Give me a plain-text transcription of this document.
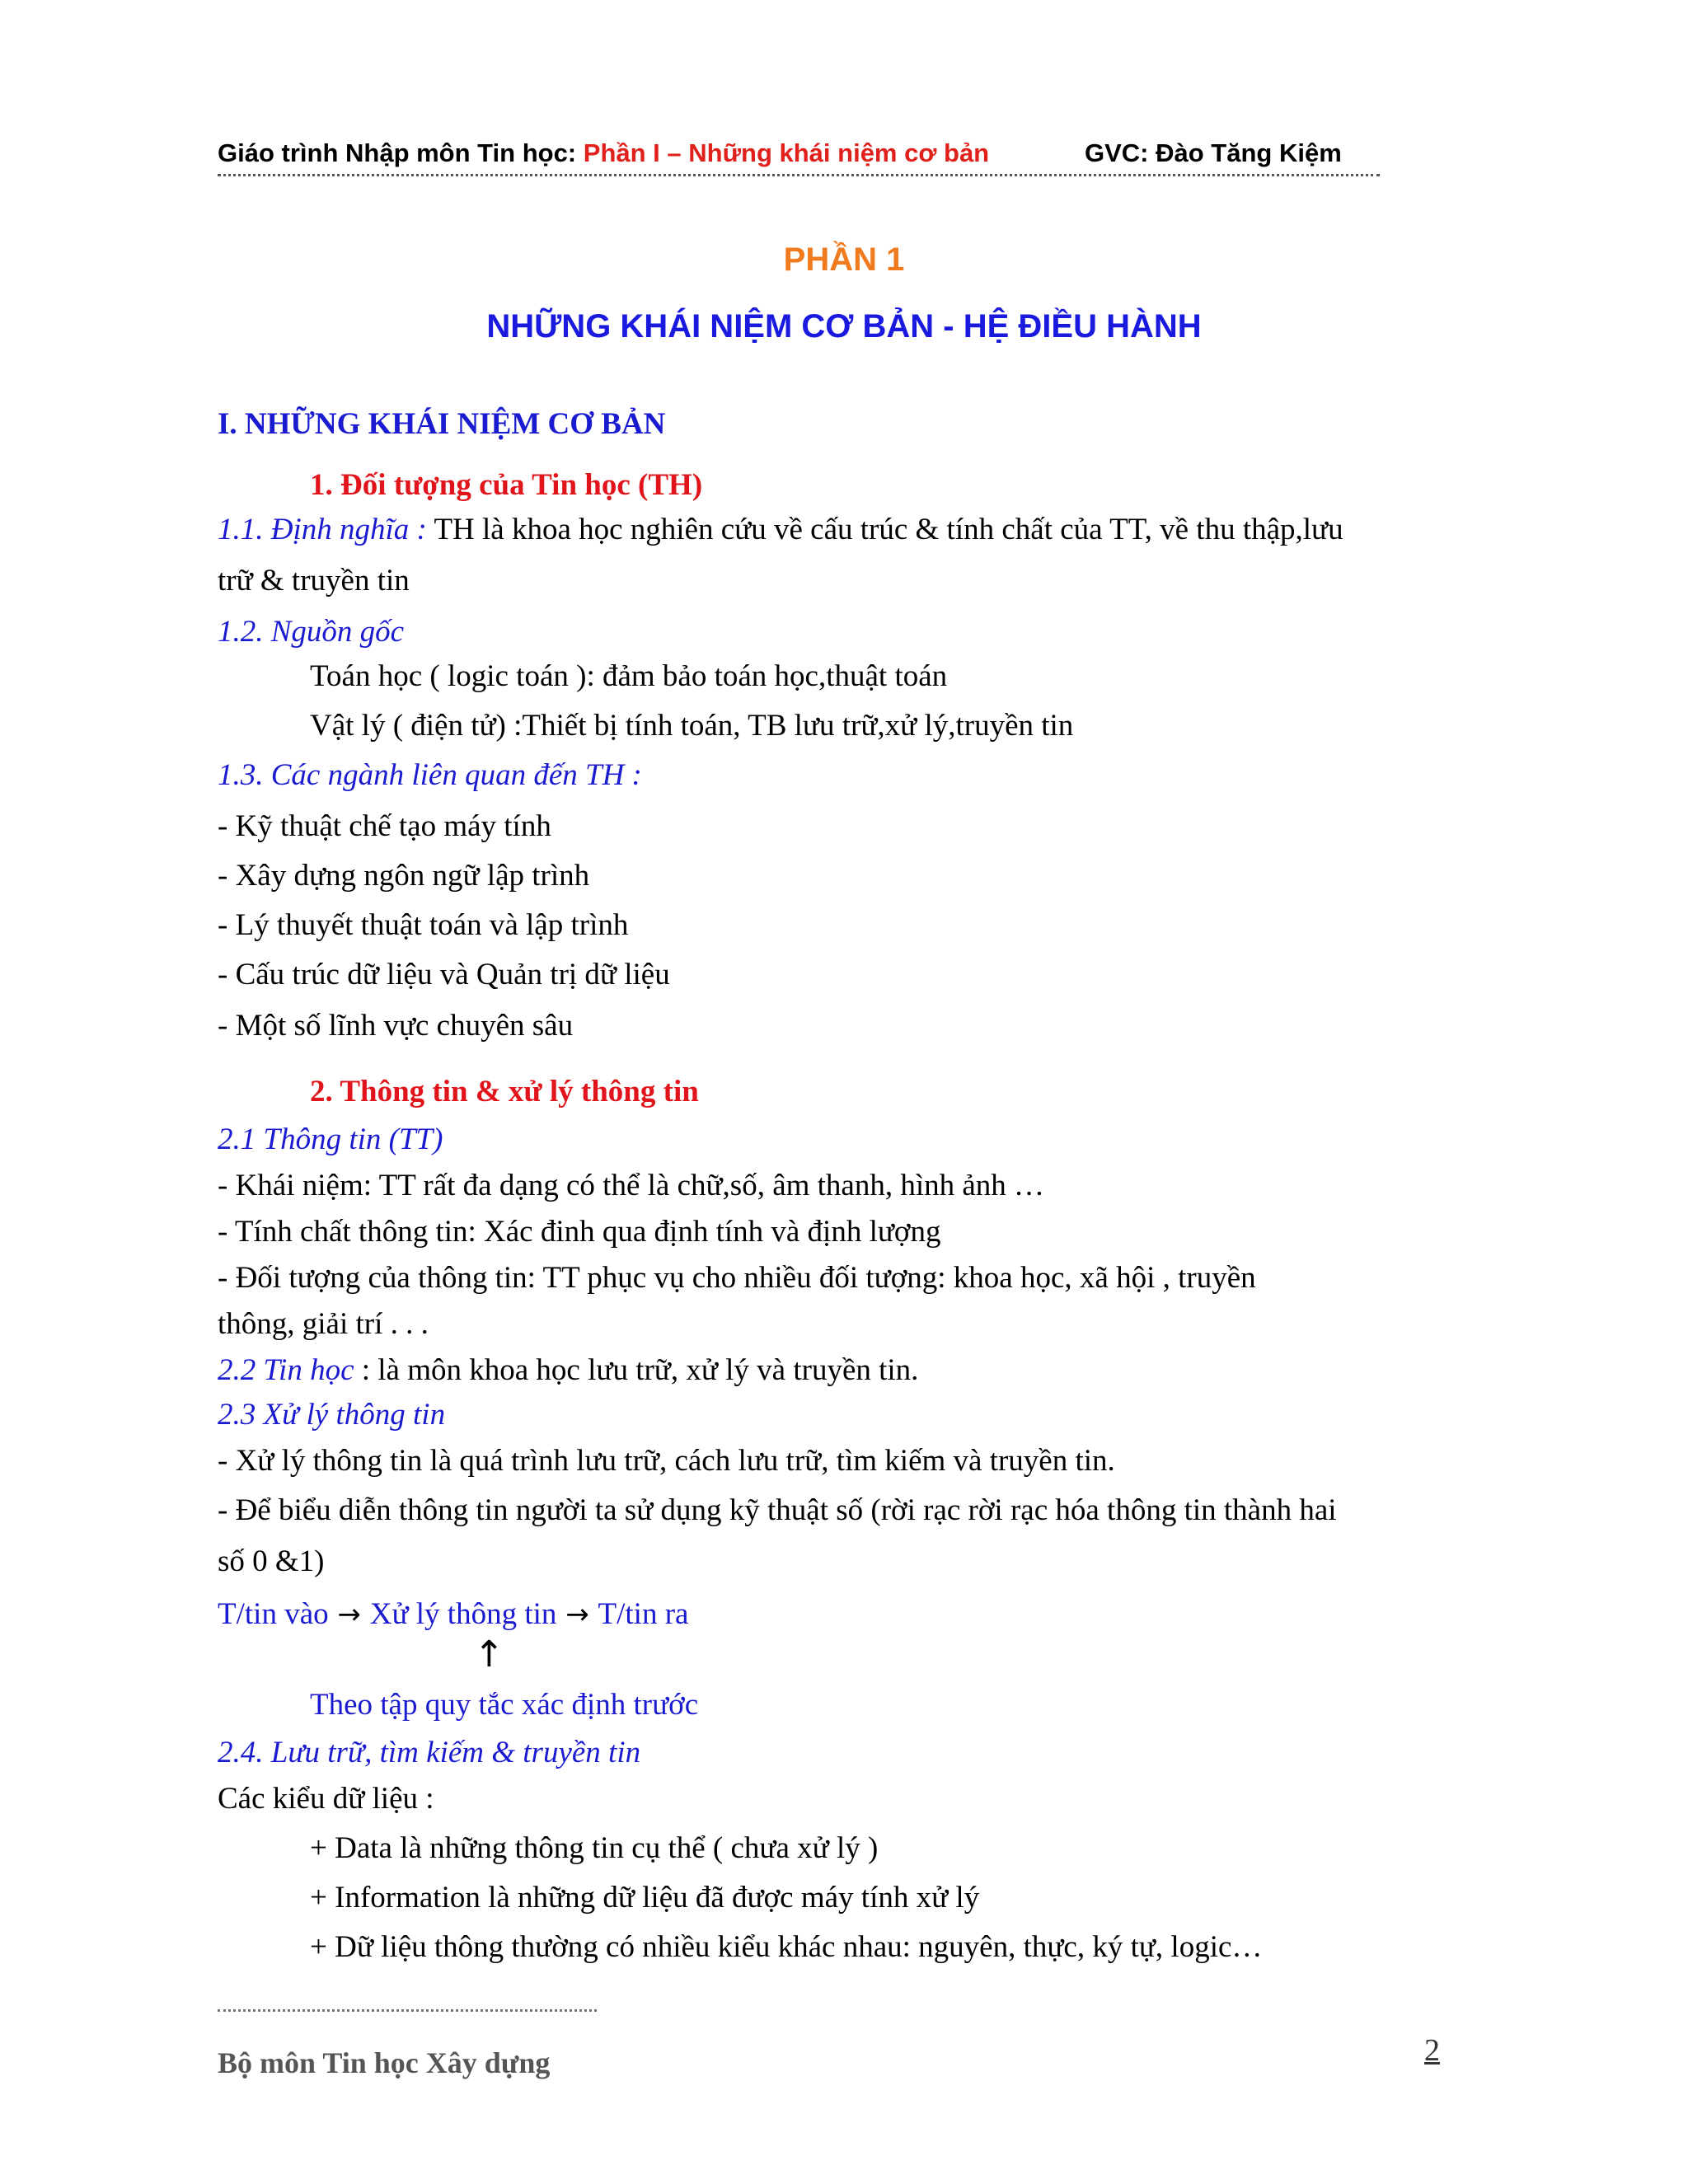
Giáo trình Nhập môn Tin học: Phần I – Những khái niệm cơ bản	GVC: Đào Tăng Kiệm
PHẦN 1
NHỮNG KHÁI NIỆM CƠ BẢN - HỆ ĐIỀU HÀNH
I. NHỮNG KHÁI NIỆM CƠ BẢN
1. Đối tượng của Tin học (TH)
1.1. Định nghĩa : TH là khoa học nghiên cứu về cấu trúc & tính chất của TT, về thu thập,lưu
trữ & truyền tin
1.2. Nguồn gốc
Toán học ( logic toán ): đảm bảo toán học,thuật toán
Vật lý ( điện tử) :Thiết bị tính toán, TB lưu trữ,xử lý,truyền tin
1.3. Các ngành liên quan đến TH :
- Kỹ thuật chế tạo máy tính
- Xây dựng ngôn ngữ lập trình
- Lý thuyết thuật toán và lập trình
- Cấu trúc dữ liệu và Quản trị dữ liệu
- Một số lĩnh vực chuyên sâu
2. Thông tin & xử lý thông tin
2.1 Thông tin (TT)
- Khái niệm: TT rất đa dạng có thể là chữ,số, âm thanh, hình ảnh …
- Tính chất thông tin: Xác đinh qua định tính và định lượng
- Đối tượng của thông tin: TT phục vụ cho nhiều đối tượng: khoa học, xã hội , truyền
thông, giải trí . . .
2.2 Tin học : là môn khoa học lưu trữ, xử lý và truyền tin.
2.3 Xử lý thông tin
- Xử lý thông tin là quá trình lưu trữ, cách lưu trữ, tìm kiếm và truyền tin.
- Để biểu diễn thông tin người ta sử dụng kỹ thuật số (rời rạc rời rạc hóa thông tin thành hai
số 0 &1)
T/tin vào → Xử lý thông tin → T/tin ra
↑
Theo tập quy tắc xác định trước
2.4. Lưu trữ, tìm kiếm & truyền tin
Các kiểu dữ liệu :
+ Data là những thông tin cụ thể ( chưa xử lý )
+ Information là những dữ liệu đã được máy tính xử lý
+ Dữ liệu thông thường có nhiều kiểu khác nhau: nguyên, thực, ký tự, logic…
Bộ môn Tin học Xây dựng	2
